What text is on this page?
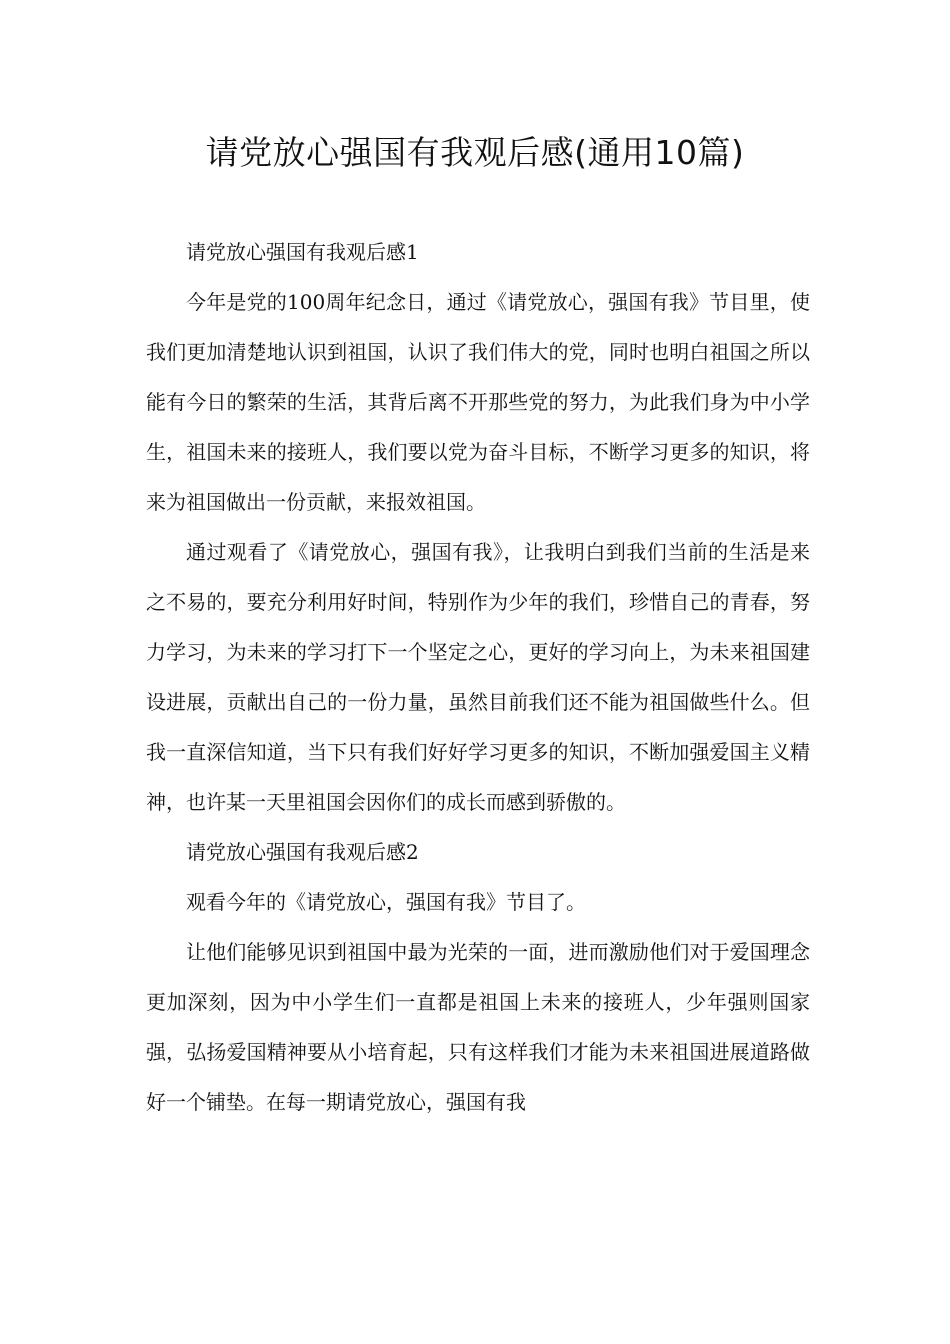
请党放心强国有我观后感(通用10篇)

请党放心强国有我观后感1

今年是党的100周年纪念日，通过《请党放心，强国有我》节目里，使我们更加清楚地认识到祖国，认识了我们伟大的党，同时也明白祖国之所以能有今日的繁荣的生活，其背后离不开那些党的努力，为此我们身为中小学生，祖国未来的接班人，我们要以党为奋斗目标，不断学习更多的知识，将来为祖国做出一份贡献，来报效祖国。

通过观看了《请党放心，强国有我》，让我明白到我们当前的生活是来之不易的，要充分利用好时间，特别作为少年的我们，珍惜自己的青春，努力学习，为未来的学习打下一个坚定之心，更好的学习向上，为未来祖国建设进展，贡献出自己的一份力量，虽然目前我们还不能为祖国做些什么。但我一直深信知道，当下只有我们好好学习更多的知识，不断加强爱国主义精神，也许某一天里祖国会因你们的成长而感到骄傲的。

请党放心强国有我观后感2

观看今年的《请党放心，强国有我》节目了。

让他们能够见识到祖国中最为光荣的一面，进而激励他们对于爱国理念更加深刻，因为中小学生们一直都是祖国上未来的接班人，少年强则国家强，弘扬爱国精神要从小培育起，只有这样我们才能为未来祖国进展道路做好一个铺垫。在每一期请党放心，强国有我
